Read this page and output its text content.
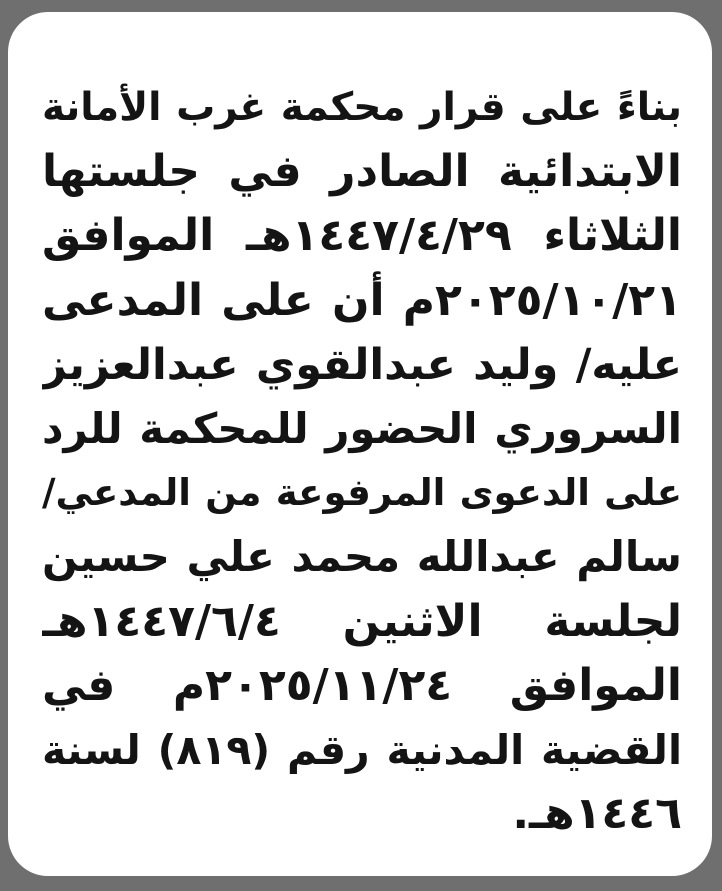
بناءً على قرار محكمة غرب الأمانة
الابتدائية الصادر في جلستها
الثلاثاء ١٤٤٧/٤/٢٩هـ الموافق
٢٠٢٥/١٠/٢١م أن على المدعى
عليه/ وليد عبدالقوي عبدالعزيز
السروري الحضور للمحكمة للرد
على الدعوى المرفوعة من المدعي/
سالم عبدالله محمد علي حسين
لجلسة الاثنين ١٤٤٧/٦/٤هـ
الموافق ٢٠٢٥/١١/٢٤م في
القضية المدنية رقم (٨١٩) لسنة
١٤٤٦هـ.
